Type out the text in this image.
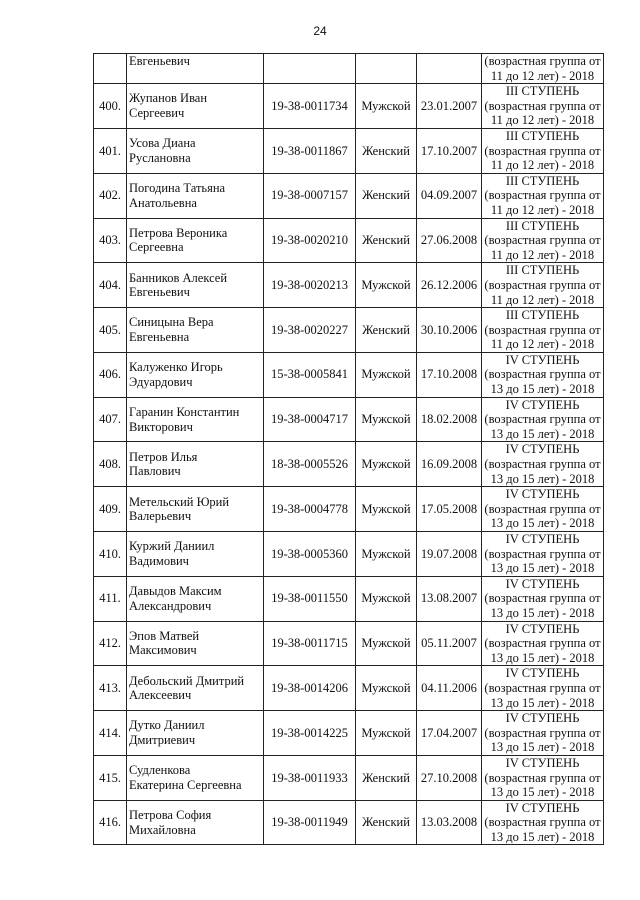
24
	Евгеньевич				(возрастная группа от
11 до 12 лет) - 2018

400.	Жупанов Иван
Сергеевич	19-38-0011734	Мужской	23.01.2007	III СТУПЕНЬ
(возрастная группа от
11 до 12 лет) - 2018

401.	Усова Диана
Руслановна	19-38-0011867	Женский	17.10.2007	III СТУПЕНЬ
(возрастная группа от
11 до 12 лет) - 2018

402.	Погодина Татьяна
Анатольевна	19-38-0007157	Женский	04.09.2007	III СТУПЕНЬ
(возрастная группа от
11 до 12 лет) - 2018

403.	Петрова Вероника
Сергеевна	19-38-0020210	Женский	27.06.2008	III СТУПЕНЬ
(возрастная группа от
11 до 12 лет) - 2018

404.	Банников Алексей
Евгеньевич	19-38-0020213	Мужской	26.12.2006	III СТУПЕНЬ
(возрастная группа от
11 до 12 лет) - 2018

405.	Синицына Вера
Евгеньевна	19-38-0020227	Женский	30.10.2006	III СТУПЕНЬ
(возрастная группа от
11 до 12 лет) - 2018

406.	Калуженко Игорь
Эдуардович	15-38-0005841	Мужской	17.10.2008	IV СТУПЕНЬ
(возрастная группа от
13 до 15 лет) - 2018

407.	Гаранин Константин
Викторович	19-38-0004717	Мужской	18.02.2008	IV СТУПЕНЬ
(возрастная группа от
13 до 15 лет) - 2018

408.	Петров Илья
Павлович	18-38-0005526	Мужской	16.09.2008	IV СТУПЕНЬ
(возрастная группа от
13 до 15 лет) - 2018

409.	Метельский Юрий
Валерьевич	19-38-0004778	Мужской	17.05.2008	IV СТУПЕНЬ
(возрастная группа от
13 до 15 лет) - 2018

410.	Куржий Даниил
Вадимович	19-38-0005360	Мужской	19.07.2008	IV СТУПЕНЬ
(возрастная группа от
13 до 15 лет) - 2018

411.	Давыдов Максим
Александрович	19-38-0011550	Мужской	13.08.2007	IV СТУПЕНЬ
(возрастная группа от
13 до 15 лет) - 2018

412.	Эпов Матвей
Максимович	19-38-0011715	Мужской	05.11.2007	IV СТУПЕНЬ
(возрастная группа от
13 до 15 лет) - 2018

413.	Дебольский Дмитрий
Алексеевич	19-38-0014206	Мужской	04.11.2006	IV СТУПЕНЬ
(возрастная группа от
13 до 15 лет) - 2018

414.	Дутко Даниил
Дмитриевич	19-38-0014225	Мужской	17.04.2007	IV СТУПЕНЬ
(возрастная группа от
13 до 15 лет) - 2018

415.	Судленкова
Екатерина Сергеевна	19-38-0011933	Женский	27.10.2008	IV СТУПЕНЬ
(возрастная группа от
13 до 15 лет) - 2018

416.	Петрова София
Михайловна	19-38-0011949	Женский	13.03.2008	IV СТУПЕНЬ
(возрастная группа от
13 до 15 лет) - 2018
